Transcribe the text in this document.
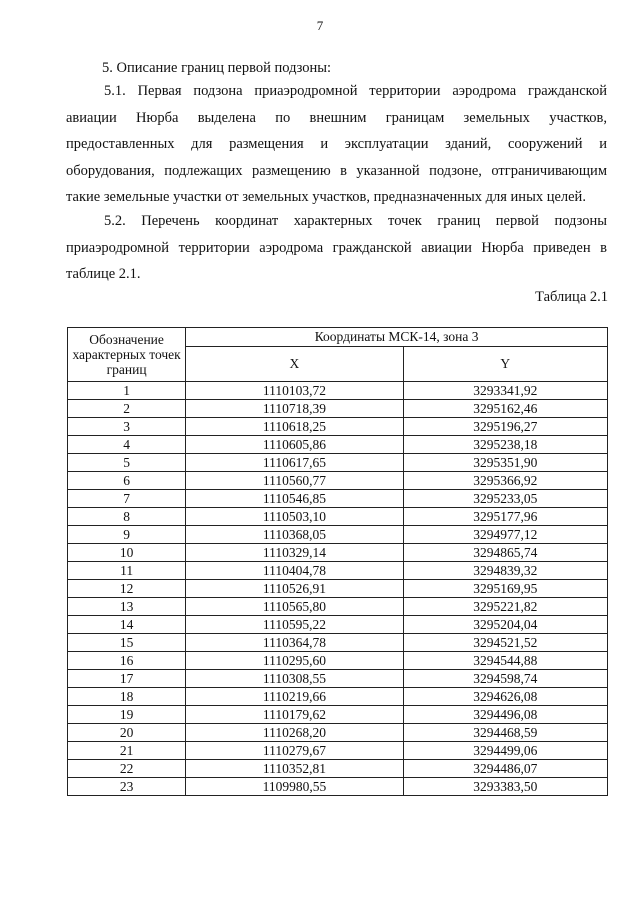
7
5. Описание границ первой подзоны:

5.1. Первая подзона приаэродромной территории аэродрома гражданской авиации Нюрба выделена по внешним границам земельных участков, предоставленных для размещения и эксплуатации зданий, сооружений и оборудования, подлежащих размещению в указанной подзоне, отграничивающим такие земельные участки от земельных участков, предназначенных для иных целей.

5.2. Перечень координат характерных точек границ первой подзоны приаэродромной территории аэродрома гражданской авиации Нюрба приведен в таблице 2.1.

Таблица 2.1
Обозначение характерных точек границ	Координаты МСК-14, зона 3	
	X	Y
1	1110103,72	3293341,92
2	1110718,39	3295162,46
3	1110618,25	3295196,27
4	1110605,86	3295238,18
5	1110617,65	3295351,90
6	1110560,77	3295366,92
7	1110546,85	3295233,05
8	1110503,10	3295177,96
9	1110368,05	3294977,12
10	1110329,14	3294865,74
11	1110404,78	3294839,32
12	1110526,91	3295169,95
13	1110565,80	3295221,82
14	1110595,22	3295204,04
15	1110364,78	3294521,52
16	1110295,60	3294544,88
17	1110308,55	3294598,74
18	1110219,66	3294626,08
19	1110179,62	3294496,08
20	1110268,20	3294468,59
21	1110279,67	3294499,06
22	1110352,81	3294486,07
23	1109980,55	3293383,50
